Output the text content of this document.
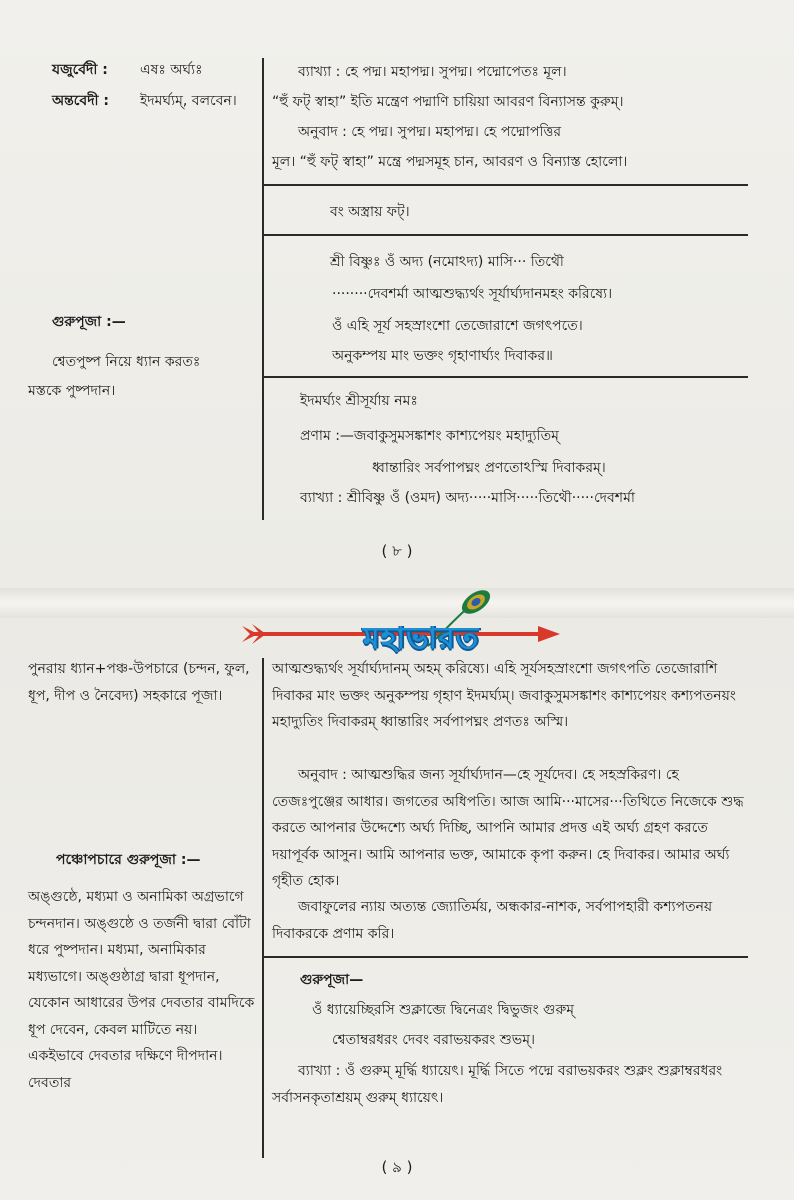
যজুর্বেদী : এষঃ অর্ঘ্যঃ
অন্তবেদী : ইদমর্ঘ্যম্, বলবেন।
গুরুপূজা :—
শ্বেতপুষ্প নিয়ে ধ্যান করতঃ
মস্তকে পুষ্পদান।
ব্যাখ্যা : হে পদ্ম। মহাপদ্ম। সুপদ্ম। পদ্মোপেতঃ মূল।
“হুঁ ফট্ স্বাহা” ইতি মন্ত্রেণ পদ্মাণি চায়িয়া আবরণ বিন্যাসন্ত কুরুম্।
অনুবাদ : হে পদ্ম। সুপদ্ম। মহাপদ্ম। হে পদ্মোপত্তির
মূল। “হুঁ ফট্ স্বাহা” মন্ত্রে পদ্মসমূহ চান, আবরণ ও বিন্যাস্ত হোলো।
বং অস্ত্রায় ফট্।
শ্রী বিষ্ণুঃ ওঁ অদ্য (নমোঽদ্য) মাসি··· তিথৌ
········দেবশর্মা আত্মশুদ্ধ্যর্থং সূর্যার্ঘ্যদানমহং করিষ্যে।
ওঁ এহি সূর্য সহস্রাংশো তেজোরাশে জগৎপতে।
অনুকম্পয় মাং ভক্তং গৃহাণার্ঘ্যং দিবাকর॥
ইদমর্ঘ্যং শ্রীসূর্যায় নমঃ
প্রণাম :—জবাকুসুমসঙ্কাশং কাশ্যপেয়ং মহাদ্যুতিম্
ধ্বান্তারিং সর্বপাপঘ্নং প্রণতোঽস্মি দিবাকরম্।
ব্যাখ্যা : শ্রীবিষ্ণু ওঁ (ওমদ) অদ্য·····মাসি·····তিথৌ·····দেবশর্মা
( ৮ )
পুনরায় ধ্যান+পঞ্চ-উপচারে (চন্দন, ফুল, ধূপ, দীপ ও নৈবেদ্য) সহকারে পূজা।
পঞ্চোপচারে গুরুপূজা :—
অঙ্গুষ্ঠে, মধ্যমা ও অনামিকা অগ্রভাগে চন্দনদান। অঙ্গুষ্ঠে ও তর্জনী দ্বারা বোঁটা ধরে পুষ্পদান। মধ্যমা, অনামিকার মধ্যভাগে। অঙ্গুষ্ঠাগ্র দ্বারা ধূপদান, যেকোন আধারের উপর দেবতার বামদিকে ধূপ দেবেন, কেবল মাটিতে নয়। একইভাবে দেবতার দক্ষিণে দীপদান। দেবতার
আত্মশুদ্ধ্যর্থং সূর্যার্ঘ্যদানম্ অহম্ করিষ্যে। এহি সূর্যসহস্রাংশো জগৎপতি তেজোরাশি দিবাকর মাং ভক্তং অনুকম্পয় গৃহাণ ইদমর্ঘ্যম্। জবাকুসুমসঙ্কাশং কাশ্যপেয়ং কশ্যপতনয়ং মহাদ্যুতিং দিবাকরম্ ধ্বান্তারিং সর্বপাপঘ্নং প্রণতঃ অস্মি।
অনুবাদ : আত্মশুদ্ধির জন্য সূর্যার্ঘ্যদান—হে সূর্যদেব। হে সহস্রকিরণ। হে তেজঃপুঞ্জের আধার। জগতের অধিপতি। আজ আমি···মাসের···তিথিতে নিজেকে শুদ্ধ করতে আপনার উদ্দেশ্যে অর্ঘ্য দিচ্ছি, আপনি আমার প্রদত্ত এই অর্ঘ্য গ্রহণ করতে দয়াপূর্বক আসুন। আমি আপনার ভক্ত, আমাকে কৃপা করুন। হে দিবাকর। আমার অর্ঘ্য গৃহীত হোক।
জবাফুলের ন্যায় অত্যন্ত জ্যোতির্ময়, অন্ধকার-নাশক, সর্বপাপহারী কশ্যপতনয় দিবাকরকে প্রণাম করি।
গুরুপূজা—
ওঁ ধ্যায়েচ্ছিরসি শুক্লাব্জে দ্বিনেত্রং দ্বিভুজং গুরুম্
শ্বেতাম্বরধরং দেবং বরাভয়করং শুভম্।
ব্যাখ্যা : ওঁ গুরুম্ মূর্দ্ধি ধ্যায়েৎ। মূর্দ্ধি সিতে পদ্মে বরাভয়করং শুক্লং শুক্লাম্বরধরং সর্বাসনকৃতাশ্রয়ম্ গুরুম্ ধ্যায়েৎ।
( ৯ )
মহাভারত
